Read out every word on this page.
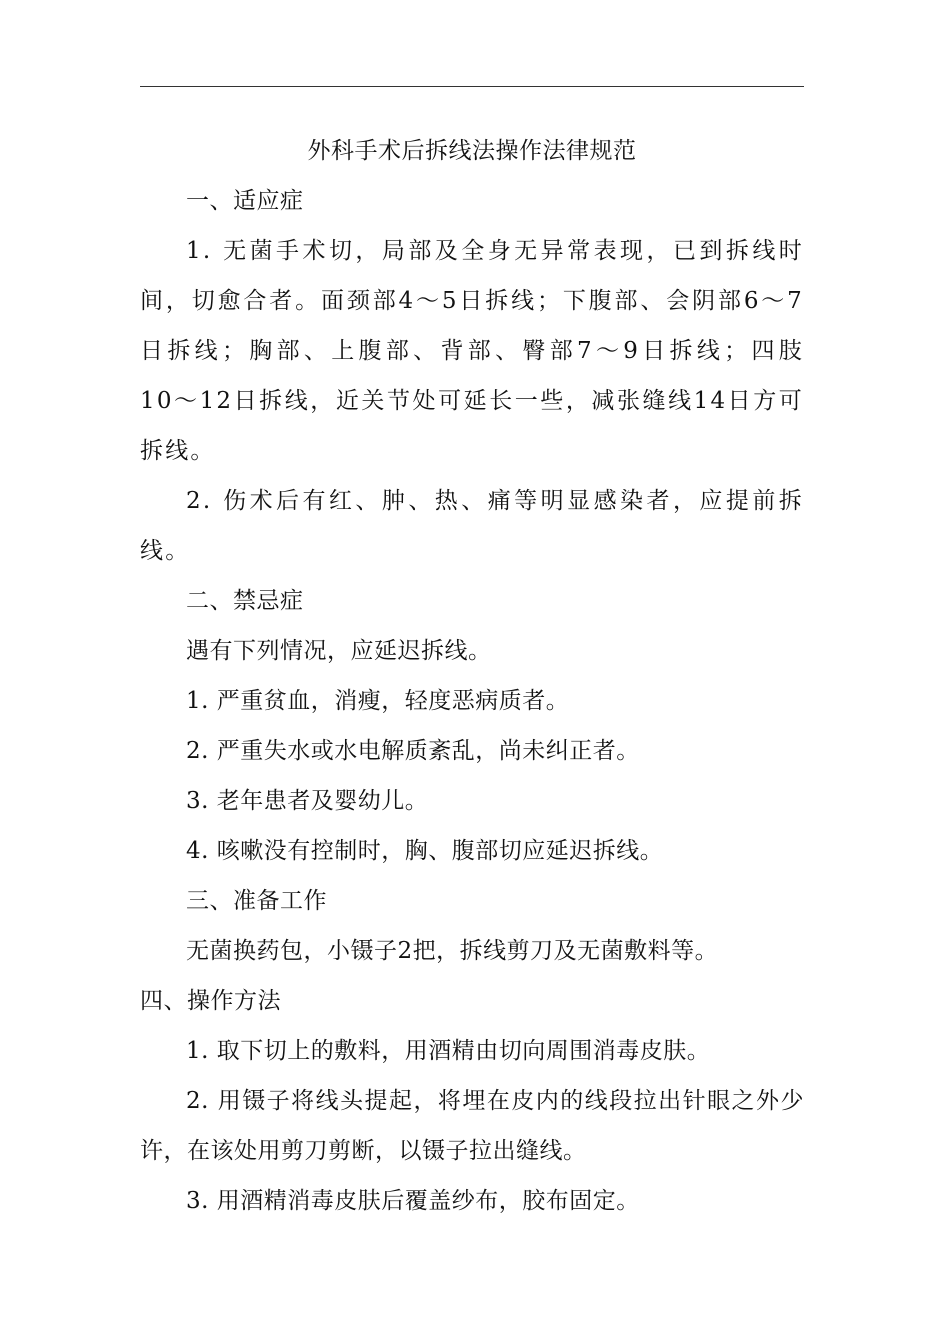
外科手术后拆线法操作法律规范

一、适应症

1. 无菌手术切，局部及全身无异常表现，已到拆线时间，切愈合者。面颈部4〜5日拆线；下腹部、会阴部6〜7日拆线；胸部、上腹部、背部、臀部7〜9日拆线；四肢10〜12日拆线，近关节处可延长一些，减张缝线14日方可拆线。

2. 伤术后有红、肿、热、痛等明显感染者，应提前拆线。

二、禁忌症

遇有下列情况，应延迟拆线。

1. 严重贫血，消瘦，轻度恶病质者。

2. 严重失水或水电解质紊乱，尚未纠正者。

3. 老年患者及婴幼儿。

4. 咳嗽没有控制时，胸、腹部切应延迟拆线。

三、准备工作

无菌换药包，小镊子2把，拆线剪刀及无菌敷料等。

四、操作方法

1. 取下切上的敷料，用酒精由切向周围消毒皮肤。

2. 用镊子将线头提起，将埋在皮内的线段拉出针眼之外少许，在该处用剪刀剪断，以镊子拉出缝线。

3. 用酒精消毒皮肤后覆盖纱布，胶布固定。
